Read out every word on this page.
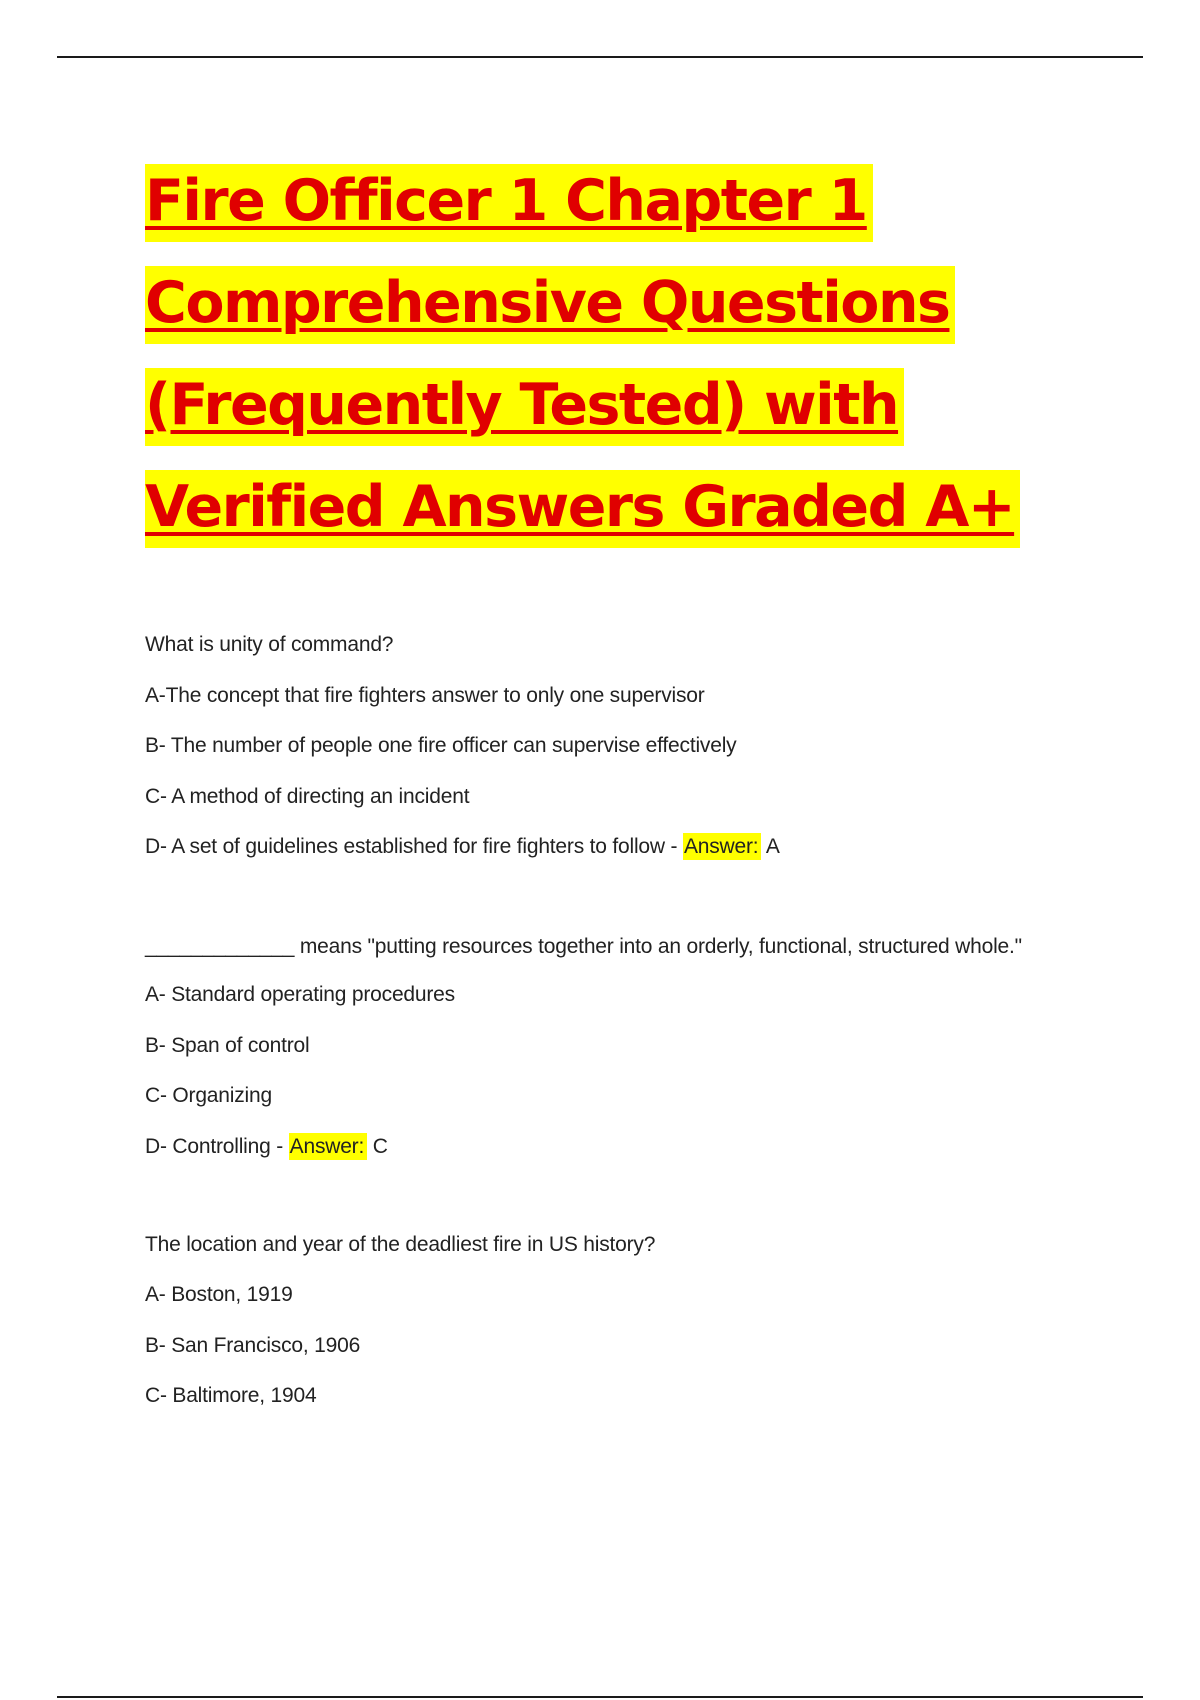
Fire Officer 1 Chapter 1
Comprehensive Questions
(Frequently Tested) with
Verified Answers Graded A+

What is unity of command?

A-The concept that fire fighters answer to only one supervisor

B- The number of people one fire officer can supervise effectively

C- A method of directing an incident

D- A set of guidelines established for fire fighters to follow - Answer: A

_____________ means "putting resources together into an orderly, functional, structured whole."

A- Standard operating procedures

B- Span of control

C- Organizing

D- Controlling - Answer: C

The location and year of the deadliest fire in US history?

A- Boston, 1919

B- San Francisco, 1906

C- Baltimore, 1904
